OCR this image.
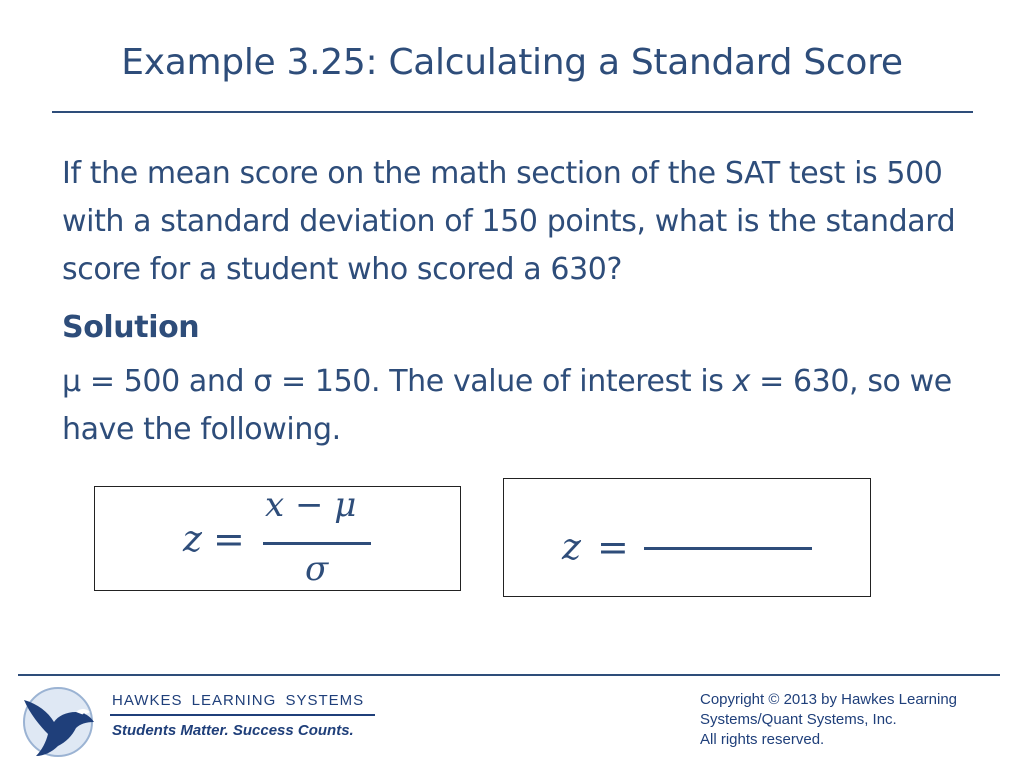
Example 3.25: Calculating a Standard Score

If the mean score on the math section of the SAT test is 500 with a standard deviation of 150 points, what is the standard score for a student who scored a 630?

Solution

μ = 500 and σ = 150. The value of interest is x = 630, so we have the following.

z =
x − μ
σ
z =
HAWKES LEARNING SYSTEMS
Students Matter. Success Counts.
Copyright © 2013 by Hawkes Learning
Systems/Quant Systems, Inc.
All rights reserved.
